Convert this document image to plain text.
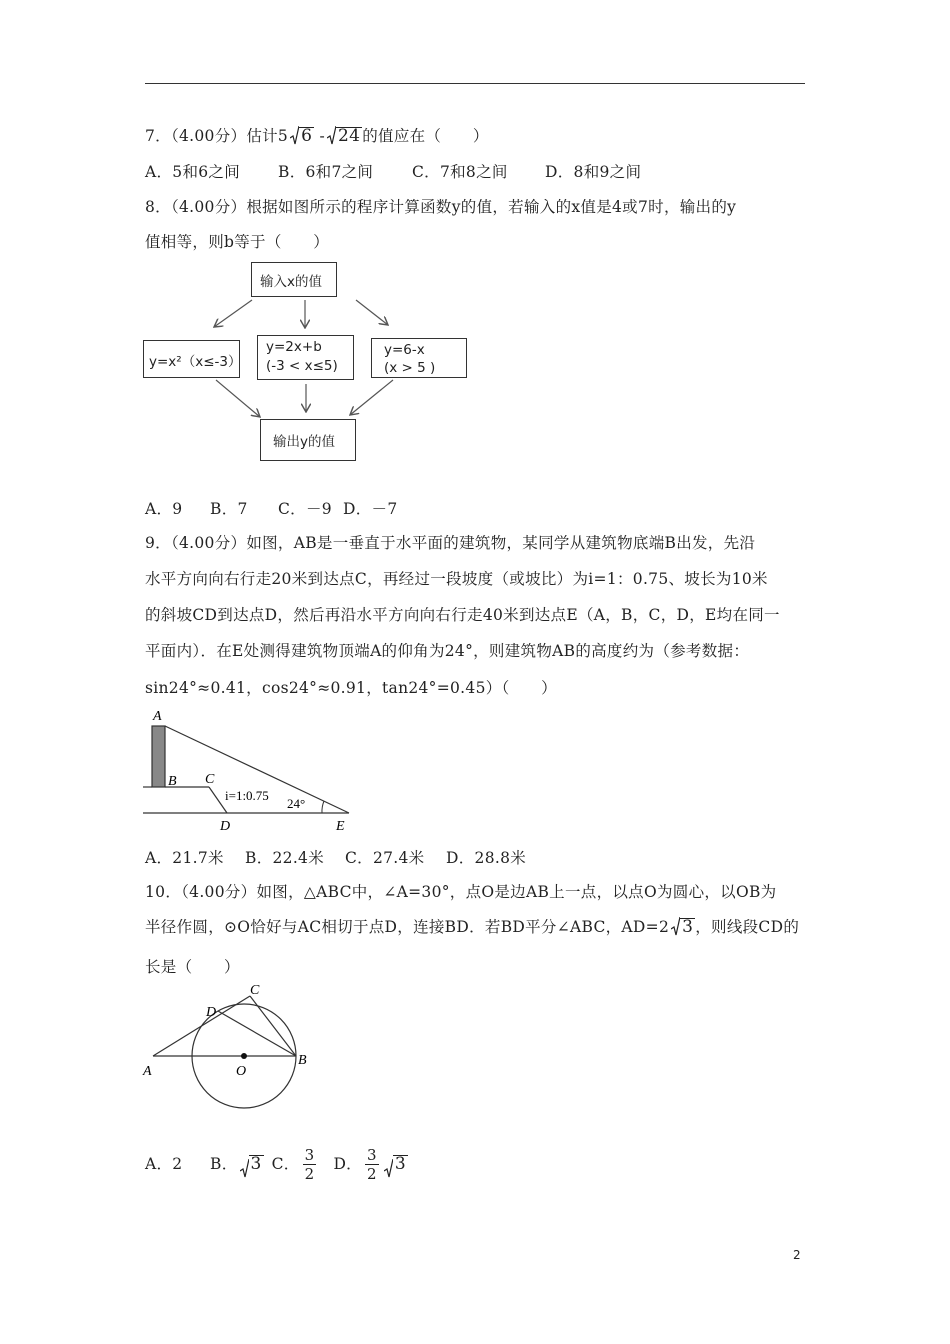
7．（4.00分）估计5 6 - 24 的值应在（　　）
A．5和6之间 B．6和7之间	C．7和8之间 D．8和9之间
8．（4.00分）根据如图所示的程序计算函数y的值，若输入的x值是4或7时，输出的y
值相等，则b等于（　　）
输入x的值
y=x²（x≤-3）
y=2x+b
(-3 < x≤5)
y=6-x
(x > 5 )
输出y的值
A．9 B．7 C．－9 D．－7
9．（4.00分）如图，AB是一垂直于水平面的建筑物，某同学从建筑物底端B出发，先沿
水平方向向右行走20米到达点C，再经过一段坡度（或坡比）为i=1：0.75、坡长为10米
的斜坡CD到达点D，然后再沿水平方向向右行走40米到达点E（A，B，C，D，E均在同一
平面内）．在E处测得建筑物顶端A的仰角为24°，则建筑物AB的高度约为（参考数据：
sin24°≈0.41，cos24°≈0.91，tan24°=0.45）（　　）
A
B C
D	E
i=1:0.75
24°
A．21.7米 B．22.4米 C．27.4米 D．28.8米
10．（4.00分）如图，△ABC中，∠A=30°，点O是边AB上一点，以点O为圆心，以OB为
半径作圆，⊙O恰好与AC相切于点D，连接BD．若BD平分∠ABC，AD=2 3 ，则线段CD的
长是（　　）
A
B
C
D
O
A．2 B． 3 C． $\frac{3}{2}$ D． $\frac{3}{2} 3$
2
